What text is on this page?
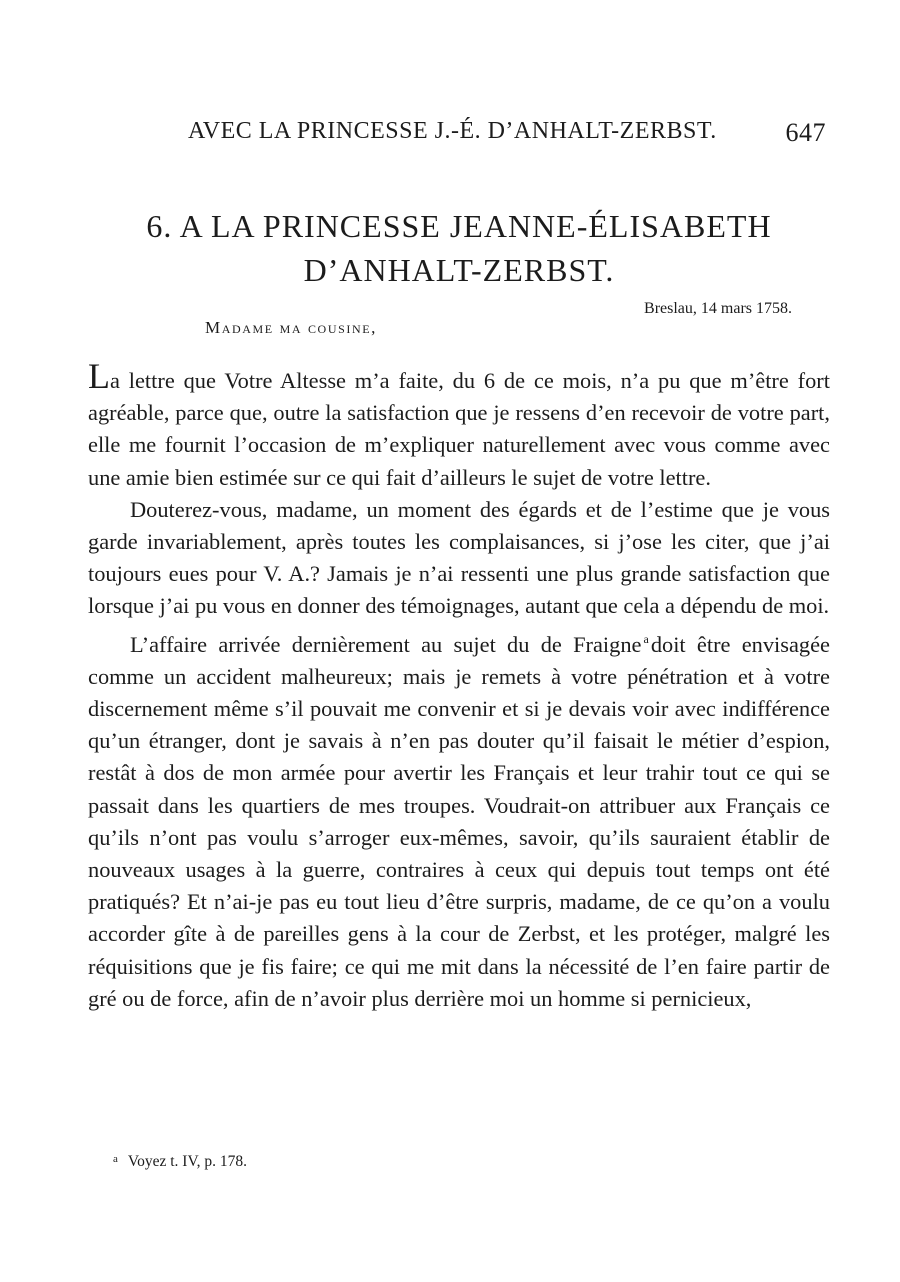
AVEC LA PRINCESSE J.-É. D’ANHALT-ZERBST.	647
6. A LA PRINCESSE JEANNE-ÉLISABETH
D’ANHALT-ZERBST.
Breslau, 14 mars 1758.
Madame ma cousine,

La lettre que Votre Altesse m’a faite, du 6 de ce mois, n’a pu que m’être fort agréable, parce que, outre la satisfaction que je ressens d’en recevoir de votre part, elle me fournit l’occasion de m’expliquer naturellement avec vous comme avec une amie bien estimée sur ce qui fait d’ailleurs le sujet de votre lettre.

Douterez-vous, madame, un moment des égards et de l’estime que je vous garde invariablement, après toutes les complaisances, si j’ose les citer, que j’ai toujours eues pour V. A.? Jamais je n’ai ressenti une plus grande satisfaction que lorsque j’ai pu vous en donner des témoignages, autant que cela a dépendu de moi.

L’affaire arrivée dernièrement au sujet du de Fraigne $^a$doit être envisagée comme un accident malheureux; mais je remets à votre pénétration et à votre discernement même s’il pouvait me convenir et si je devais voir avec indifférence qu’un étranger, dont je savais à n’en pas douter qu’il faisait le métier d’espion, restât à dos de mon armée pour avertir les Français et leur trahir tout ce qui se passait dans les quartiers de mes troupes. Voudrait-on attribuer aux Français ce qu’ils n’ont pas voulu s’arroger eux-mêmes, savoir, qu’ils sauraient établir de nouveaux usages à la guerre, contraires à ceux qui depuis tout temps ont été pratiqués? Et n’ai-je pas eu tout lieu d’être surpris, madame, de ce qu’on a voulu accorder gîte à de pareilles gens à la cour de Zerbst, et les protéger, malgré les réquisitions que je fis faire; ce qui me mit dans la nécessité de l’en faire partir de gré ou de force, afin de n’avoir plus derrière moi un homme si pernicieux,

$^a$ Voyez t. IV, p. 178.
